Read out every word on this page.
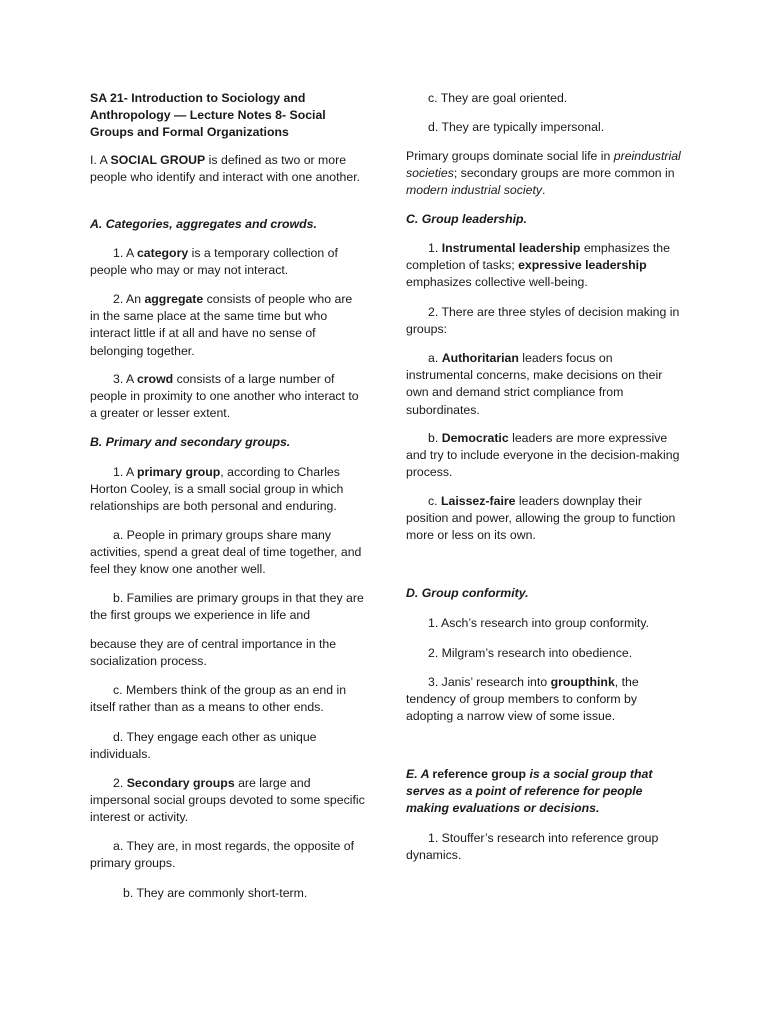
SA 21- Introduction to Sociology and Anthropology — Lecture Notes 8- Social Groups and Formal Organizations

I. A SOCIAL GROUP is defined as two or more people who identify and interact with one another.

A. Categories, aggregates and crowds.

1. A category is a temporary collection of people who may or may not interact.

2. An aggregate consists of people who are in the same place at the same time but who interact little if at all and have no sense of belonging together.

3. A crowd consists of a large number of people in proximity to one another who interact to a greater or lesser extent.

B. Primary and secondary groups.

1. A primary group, according to Charles Horton Cooley, is a small social group in which relationships are both personal and enduring.

a. People in primary groups share many activities, spend a great deal of time together, and feel they know one another well.

b. Families are primary groups in that they are the first groups we experience in life and

because they are of central importance in the socialization process.

c. Members think of the group as an end in itself rather than as a means to other ends.

d. They engage each other as unique individuals.

2. Secondary groups are large and impersonal social groups devoted to some specific interest or activity.

a. They are, in most regards, the opposite of primary groups.

b. They are commonly short-term.

c. They are goal oriented.

d. They are typically impersonal.

Primary groups dominate social life in preindustrial societies; secondary groups are more common in modern industrial society.

C. Group leadership.

1. Instrumental leadership emphasizes the completion of tasks; expressive leadership emphasizes collective well-being.

2. There are three styles of decision making in groups:

a. Authoritarian leaders focus on instrumental concerns, make decisions on their own and demand strict compliance from subordinates.

b. Democratic leaders are more expressive and try to include everyone in the decision-making process.

c. Laissez-faire leaders downplay their position and power, allowing the group to function more or less on its own.

D. Group conformity.

1. Asch’s research into group conformity.

2. Milgram’s research into obedience.

3. Janis’ research into groupthink, the tendency of group members to conform by adopting a narrow view of some issue.

E. A reference group is a social group that serves as a point of reference for people making evaluations or decisions.

1. Stouffer’s research into reference group dynamics.
